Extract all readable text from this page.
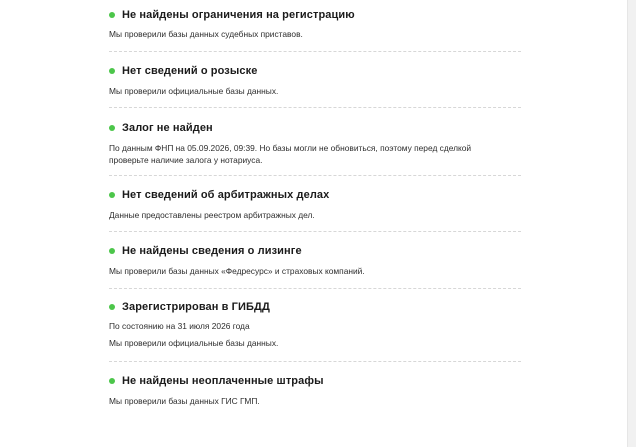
Не найдены ограничения на регистрацию

Мы проверили базы данных судебных приставов.

Нет сведений о розыске

Мы проверили официальные базы данных.

Залог не найден

По данным ФНП на 05.09.2026, 09:39. Но базы могли не обновиться, поэтому перед сделкой

проверьте наличие залога у нотариуса.

Нет сведений об арбитражных делах

Данные предоставлены реестром арбитражных дел.

Не найдены сведения о лизинге

Мы проверили базы данных «Федресурс» и страховых компаний.

Зарегистрирован в ГИБДД

По состоянию на 31 июля 2026 года

Мы проверили официальные базы данных.

Не найдены неоплаченные штрафы

Мы проверили базы данных ГИС ГМП.
